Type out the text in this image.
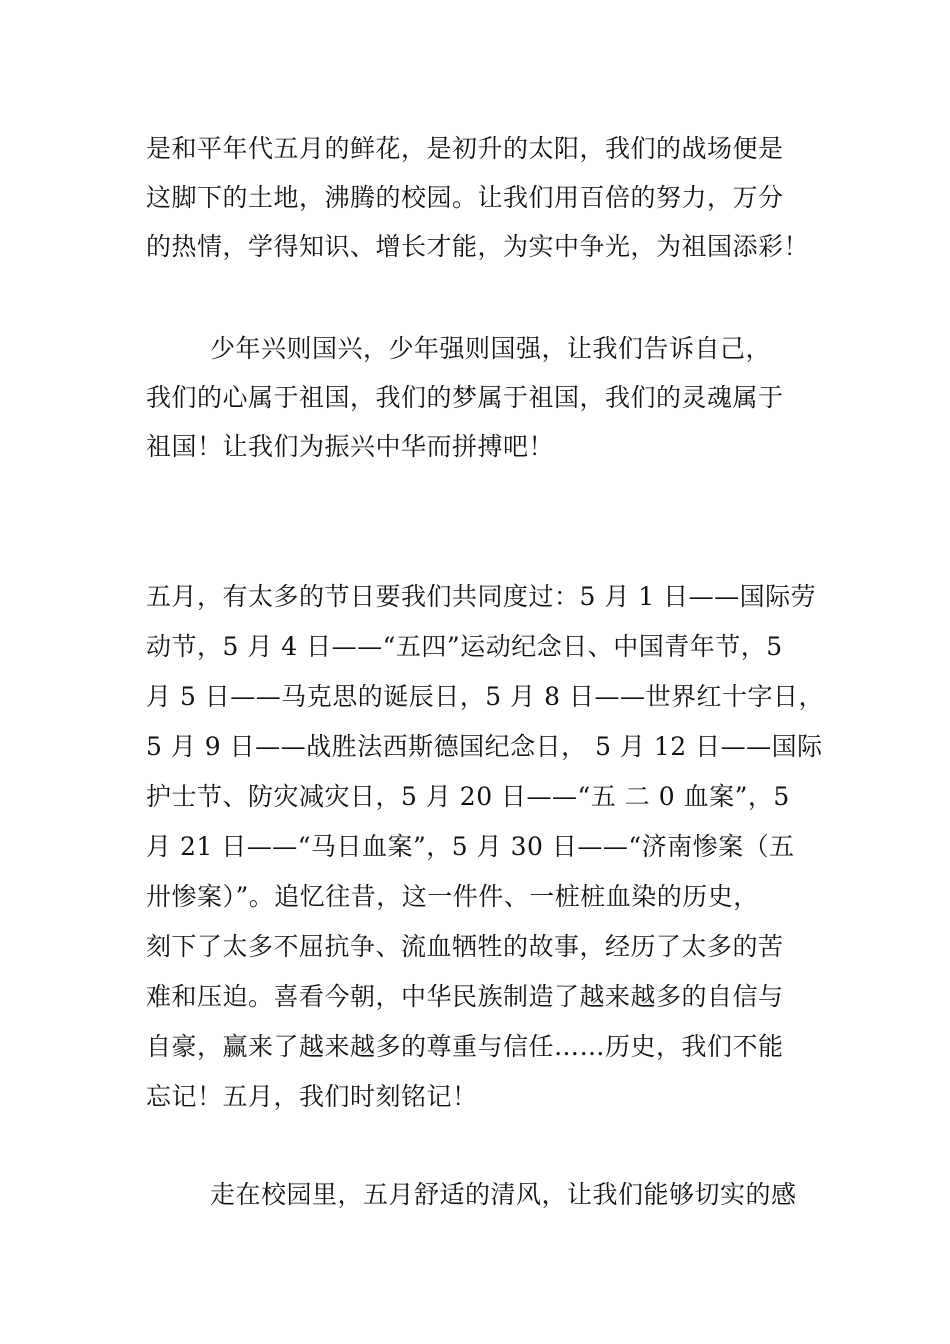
是和平年代五月的鲜花，是初升的太阳，我们的战场便是
这脚下的土地，沸腾的校园。让我们用百倍的努力，万分
的热情，学得知识、增长才能，为实中争光，为祖国添彩！
少年兴则国兴，少年强则国强，让我们告诉自己，
我们的心属于祖国，我们的梦属于祖国，我们的灵魂属于
祖国！让我们为振兴中华而拼搏吧！
五月，有太多的节日要我们共同度过：5 月 1 日——国际劳
动节，5 月 4 日——“五四”运动纪念日、中国青年节，5
月 5 日——马克思的诞辰日，5 月 8 日——世界红十字日，
5 月 9 日——战胜法西斯德国纪念日， 5 月 12 日——国际
护士节、防灾减灾日，5 月 20 日——“五 二 0 血案”，5
月 21 日——“马日血案”，5 月 30 日——“济南惨案（五
卅惨案）”。追忆往昔，这一件件、一桩桩血染的历史，
刻下了太多不屈抗争、流血牺牲的故事，经历了太多的苦
难和压迫。喜看今朝，中华民族制造了越来越多的自信与
自豪，赢来了越来越多的尊重与信任……历史，我们不能
忘记！五月，我们时刻铭记！
走在校园里，五月舒适的清风，让我们能够切实的感
